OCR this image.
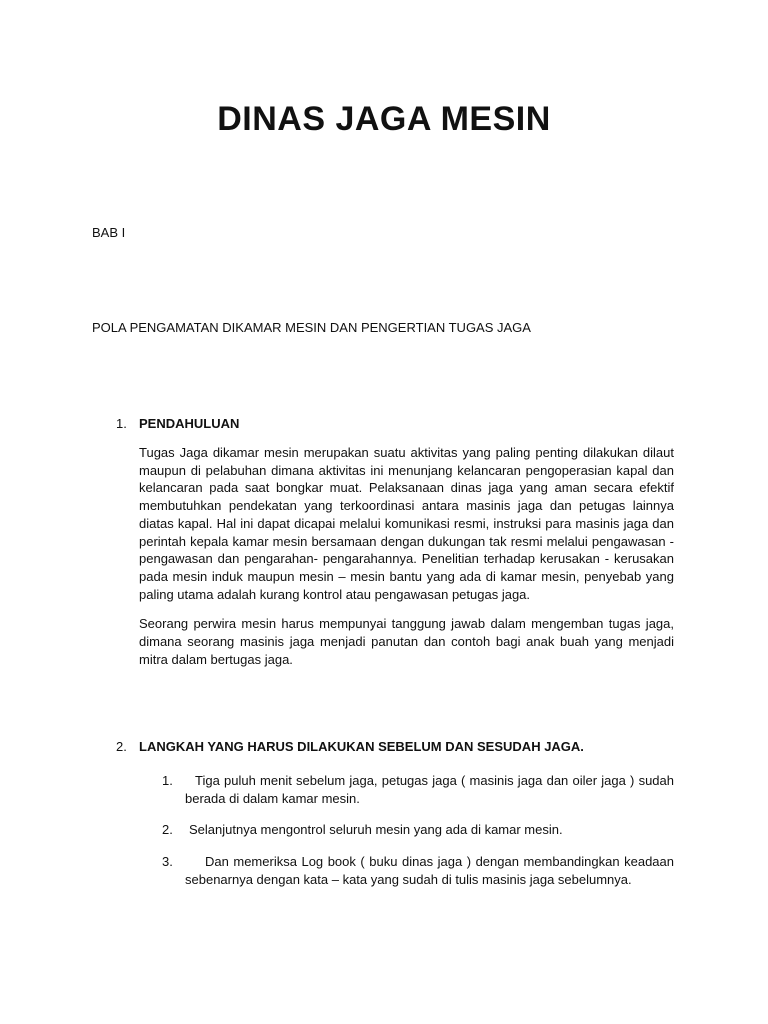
DINAS JAGA MESIN
BAB I
POLA PENGAMATAN DIKAMAR MESIN DAN PENGERTIAN TUGAS JAGA
1. PENDAHULUAN

Tugas Jaga dikamar mesin merupakan suatu aktivitas yang paling penting dilakukan dilaut maupun di pelabuhan dimana aktivitas ini menunjang kelancaran pengoperasian kapal dan kelancaran pada saat bongkar muat. Pelaksanaan dinas jaga yang aman secara efektif membutuhkan pendekatan yang terkoordinasi antara masinis jaga dan petugas lainnya diatas kapal. Hal ini dapat dicapai melalui komunikasi resmi, instruksi para masinis jaga dan perintah kepala kamar mesin bersamaan dengan dukungan tak resmi melalui pengawasan - pengawasan dan pengarahan- pengarahannya. Penelitian terhadap kerusakan - kerusakan pada mesin induk maupun mesin – mesin bantu yang ada di kamar mesin, penyebab yang paling utama adalah kurang kontrol atau pengawasan petugas jaga.

Seorang perwira mesin harus mempunyai tanggung jawab dalam mengemban tugas jaga, dimana seorang masinis jaga menjadi panutan dan contoh bagi anak buah yang menjadi mitra dalam bertugas jaga.

2. LANGKAH YANG HARUS DILAKUKAN SEBELUM DAN SESUDAH JAGA.
1.	Tiga puluh menit sebelum jaga, petugas jaga ( masinis jaga dan oiler jaga ) sudah berada di dalam kamar mesin.
2.	Selanjutnya mengontrol seluruh mesin yang ada di kamar mesin.
3.	Dan memeriksa Log book ( buku dinas jaga ) dengan membandingkan keadaan sebenarnya dengan kata – kata yang sudah di tulis masinis jaga sebelumnya.
